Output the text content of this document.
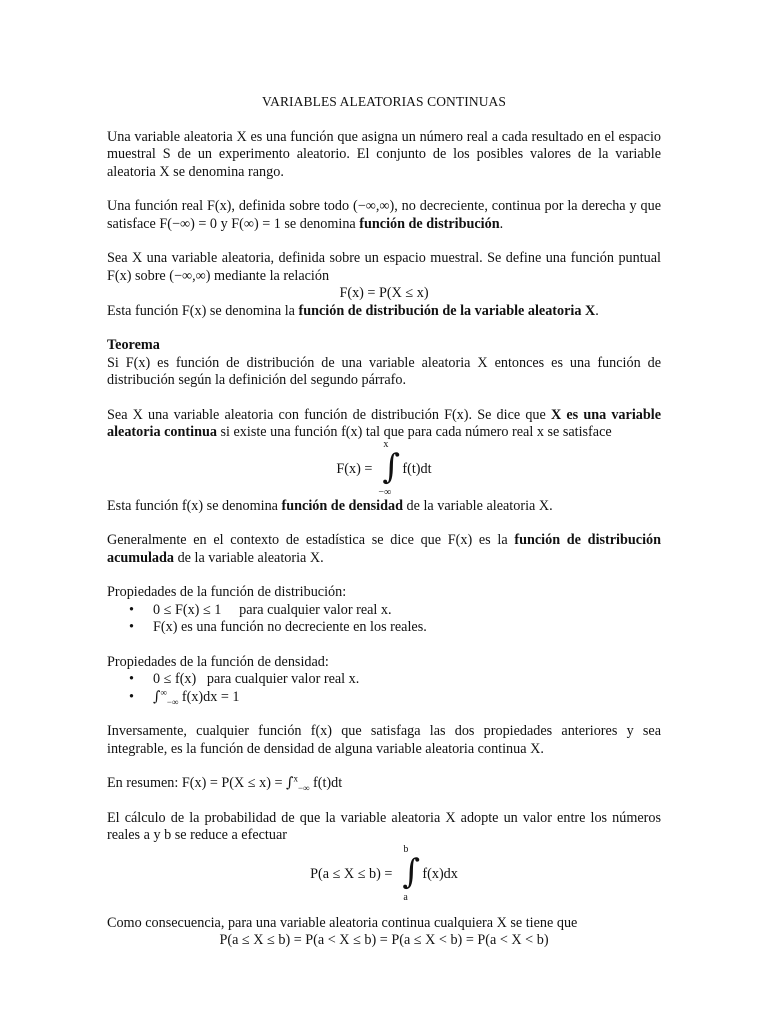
VARIABLES ALEATORIAS CONTINUAS

Una variable aleatoria X es una función que asigna un número real a cada resultado en el espacio muestral S de un experimento aleatorio. El conjunto de los posibles valores de la variable aleatoria X se denomina rango.

Una función real F(x), definida sobre todo (−∞,∞), no decreciente, continua por la derecha y que satisface F(−∞) = 0 y F(∞) = 1 se denomina función de distribución.

Sea X una variable aleatoria, definida sobre un espacio muestral. Se define una función puntual F(x) sobre (−∞,∞) mediante la relación

F(x) = P(X ≤ x)

Esta función F(x) se denomina la función de distribución de la variable aleatoria X.

Teorema

Si F(x) es función de distribución de una variable aleatoria X entonces es una función de distribución según la definición del segundo párrafo.

Sea X una variable aleatoria con función de distribución F(x). Se dice que X es una variable aleatoria continua si existe una función f(x) tal que para cada número real x se satisface

F(x) =
x
∫
−∞
f(t)dt

Esta función f(x) se denomina función de densidad de la variable aleatoria X.

Generalmente en el contexto de estadística se dice que F(x) es la función de distribución acumulada de la variable aleatoria X.

Propiedades de la función de distribución:

• 0 ≤ F(x) ≤ 1     para cualquier valor real x.
• F(x) es una función no decreciente en los reales.

Propiedades de la función de densidad:

• 0 ≤ f(x)   para cualquier valor real x.
• $\int^\infty_{-\infty}$ f(x)dx = 1

Inversamente, cualquier función f(x) que satisfaga las dos propiedades anteriores y sea integrable, es la función de densidad de alguna variable aleatoria continua X.

En resumen: F(x) = P(X ≤ x) = ∫$^x_{-\infty}$ f(t)dt

El cálculo de la probabilidad de que la variable aleatoria X adopte un valor entre los números reales a y b se reduce a efectuar

P(a ≤ X ≤ b) =
b
∫
a
f(x)dx

Como consecuencia, para una variable aleatoria continua cualquiera X se tiene que

P(a ≤ X ≤ b) = P(a < X ≤ b) = P(a ≤ X < b) = P(a < X < b)
